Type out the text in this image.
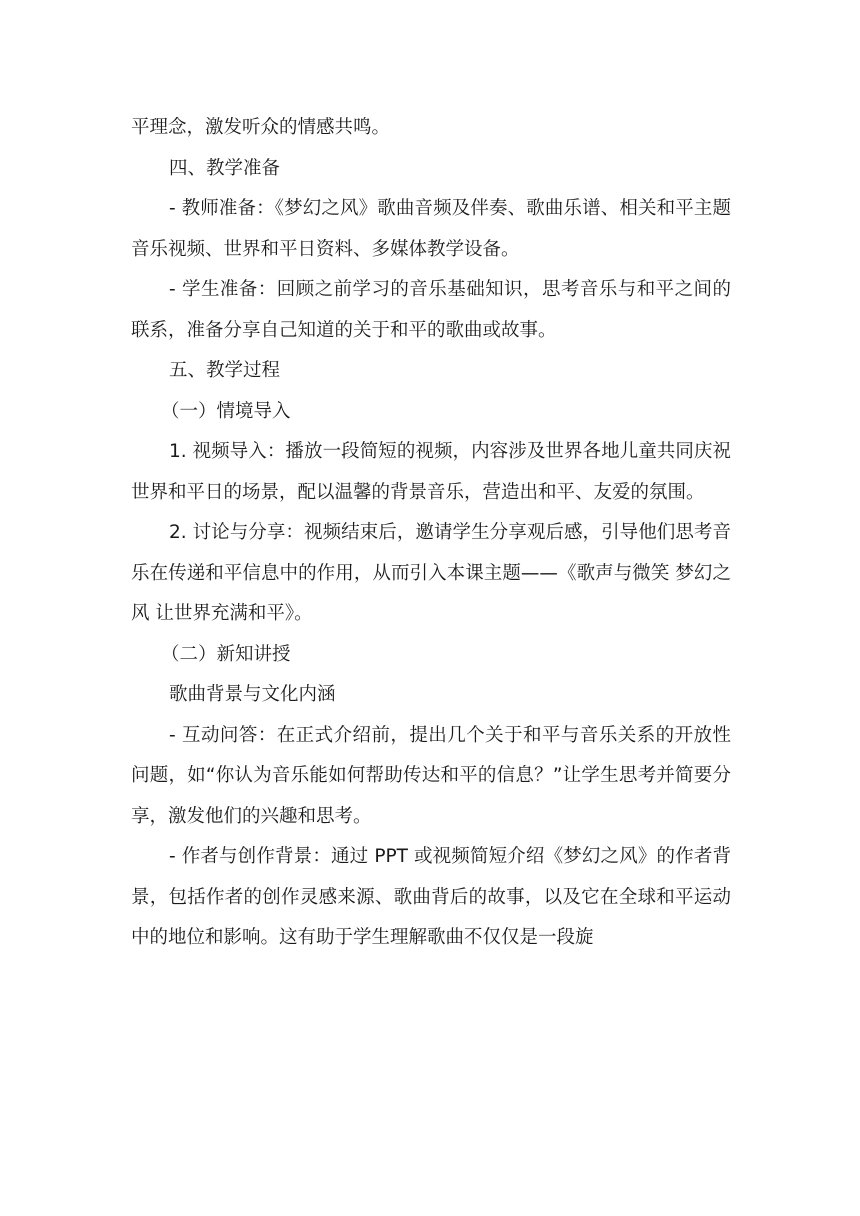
平理念，激发听众的情感共鸣。

四、教学准备

- 教师准备：《梦幻之风》歌曲音频及伴奏、歌曲乐谱、相关和平主题音乐视频、世界和平日资料、多媒体教学设备。

- 学生准备：回顾之前学习的音乐基础知识，思考音乐与和平之间的联系，准备分享自己知道的关于和平的歌曲或故事。

五、教学过程

（一）情境导入

1. 视频导入：播放一段简短的视频，内容涉及世界各地儿童共同庆祝世界和平日的场景，配以温馨的背景音乐，营造出和平、友爱的氛围。

2. 讨论与分享：视频结束后，邀请学生分享观后感，引导他们思考音乐在传递和平信息中的作用，从而引入本课主题——《歌声与微笑 梦幻之风 让世界充满和平》。

（二）新知讲授

歌曲背景与文化内涵

- 互动问答：在正式介绍前，提出几个关于和平与音乐关系的开放性问题，如“你认为音乐能如何帮助传达和平的信息？”让学生思考并简要分享，激发他们的兴趣和思考。

- 作者与创作背景：通过 PPT 或视频简短介绍《梦幻之风》的作者背景，包括作者的创作灵感来源、歌曲背后的故事，以及它在全球和平运动中的地位和影响。这有助于学生理解歌曲不仅仅是一段旋
